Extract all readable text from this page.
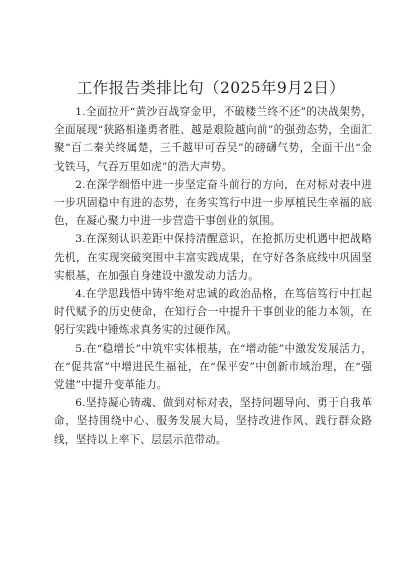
工作报告类排比句（2025年9月2日）

1.全面拉开“黄沙百战穿金甲，不破楼兰终不还”的决战架势，全面展现“狭路相逢勇者胜、越是艰险越向前”的强劲态势，全面汇聚“百二秦关终属楚，三千越甲可吞吴”的磅礴气势，全面干出“金戈铁马，气吞万里如虎”的浩大声势。

2.在深学细悟中进一步坚定奋斗前行的方向，在对标对表中进一步巩固稳中有进的态势，在务实笃行中进一步厚植民生幸福的底色，在凝心聚力中进一步营造干事创业的氛围。

3.在深刻认识差距中保持清醒意识，在抢抓历史机遇中把战略先机，在实现突破突围中丰富实践成果，在守好各条底线中巩固坚实根基，在加强自身建设中激发动力活力。

4.在学思践悟中铸牢绝对忠诚的政治品格，在笃信笃行中扛起时代赋予的历史使命，在知行合一中提升干事创业的能力本领，在躬行实践中锤炼求真务实的过硬作风。

5.在“稳增长”中筑牢实体根基，在“增动能”中激发发展活力，在“促共富”中增进民生福祉，在“保平安”中创新市域治理，在“强党建”中提升变革能力。

6.坚持凝心铸魂、做到对标对表，坚持问题导向、勇于自我革命，坚持围绕中心、服务发展大局，坚持改进作风、践行群众路线，坚持以上率下、层层示范带动。
